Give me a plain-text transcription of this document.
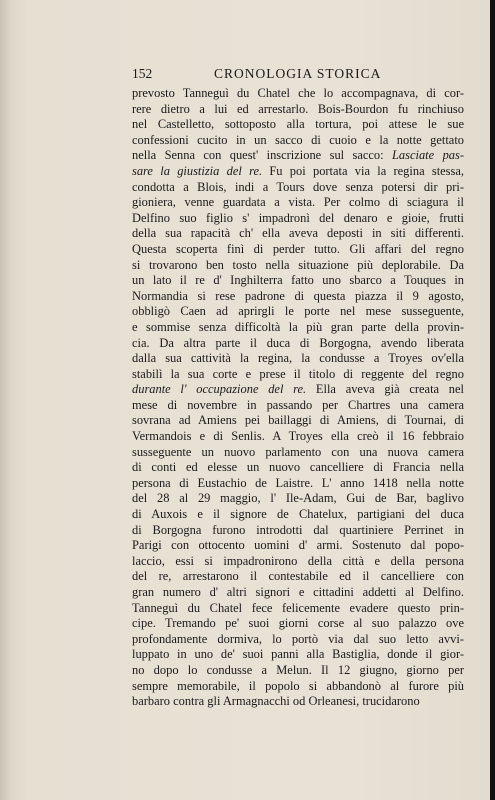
152	CRONOLOGIA STORICA
prevosto Tanneguì du Chatel che lo accompagnava, di cor-
rere dietro a lui ed arrestarlo. Bois-Bourdon fu rinchiuso
nel Castelletto, sottoposto alla tortura, poi attese le sue
confessioni cucito in un sacco di cuoio e la notte gettato
nella Senna con quest' inscrizione sul sacco: Lasciate pas-
sare la giustizia del re. Fu poi portata via la regina stessa,
condotta a Blois, indi a Tours dove senza potersi dir pri-
gioniera, venne guardata a vista. Per colmo di sciagura il
Delfino suo figlio s' impadronì del denaro e gioie, frutti
della sua rapacità ch' ella aveva deposti in siti differenti.
Questa scoperta finì di perder tutto. Gli affari del regno
si trovarono ben tosto nella situazione più deplorabile. Da
un lato il re d' Inghilterra fatto uno sbarco a Touques in
Normandia si rese padrone di questa piazza il 9 agosto,
obbligò Caen ad aprirgli le porte nel mese susseguente,
e sommise senza difficoltà la più gran parte della provin-
cia. Da altra parte il duca di Borgogna, avendo liberata
dalla sua cattività la regina, la condusse a Troyes ov'ella
stabilì la sua corte e prese il titolo di reggente del regno
durante l' occupazione del re. Ella aveva già creata nel
mese di novembre in passando per Chartres una camera
sovrana ad Amiens pei baillaggi di Amiens, di Tournai, di
Vermandois e di Senlis. A Troyes ella creò il 16 febbraio
susseguente un nuovo parlamento con una nuova camera
di conti ed elesse un nuovo cancelliere di Francia nella
persona di Eustachio de Laistre. L' anno 1418 nella notte
del 28 al 29 maggio, l' Ile-Adam, Gui de Bar, baglivo
di Auxois e il signore de Chatelux, partigiani del duca
di Borgogna furono introdotti dal quartiniere Perrinet in
Parigi con ottocento uomini d' armi. Sostenuto dal popo-
laccio, essi si impadronirono della città e della persona
del re, arrestarono il contestabile ed il cancelliere con
gran numero d' altri signori e cittadini addetti al Delfino.
Tanneguì du Chatel fece felicemente evadere questo prin-
cipe. Tremando pe' suoi giorni corse al suo palazzo ove
profondamente dormiva, lo portò via dal suo letto avvi-
luppato in uno de' suoi panni alla Bastiglia, donde il gior-
no dopo lo condusse a Melun. Il 12 giugno, giorno per
sempre memorabile, il popolo si abbandonò al furore più
barbaro contra gli Armagnacchi od Orleanesi, trucidarono
